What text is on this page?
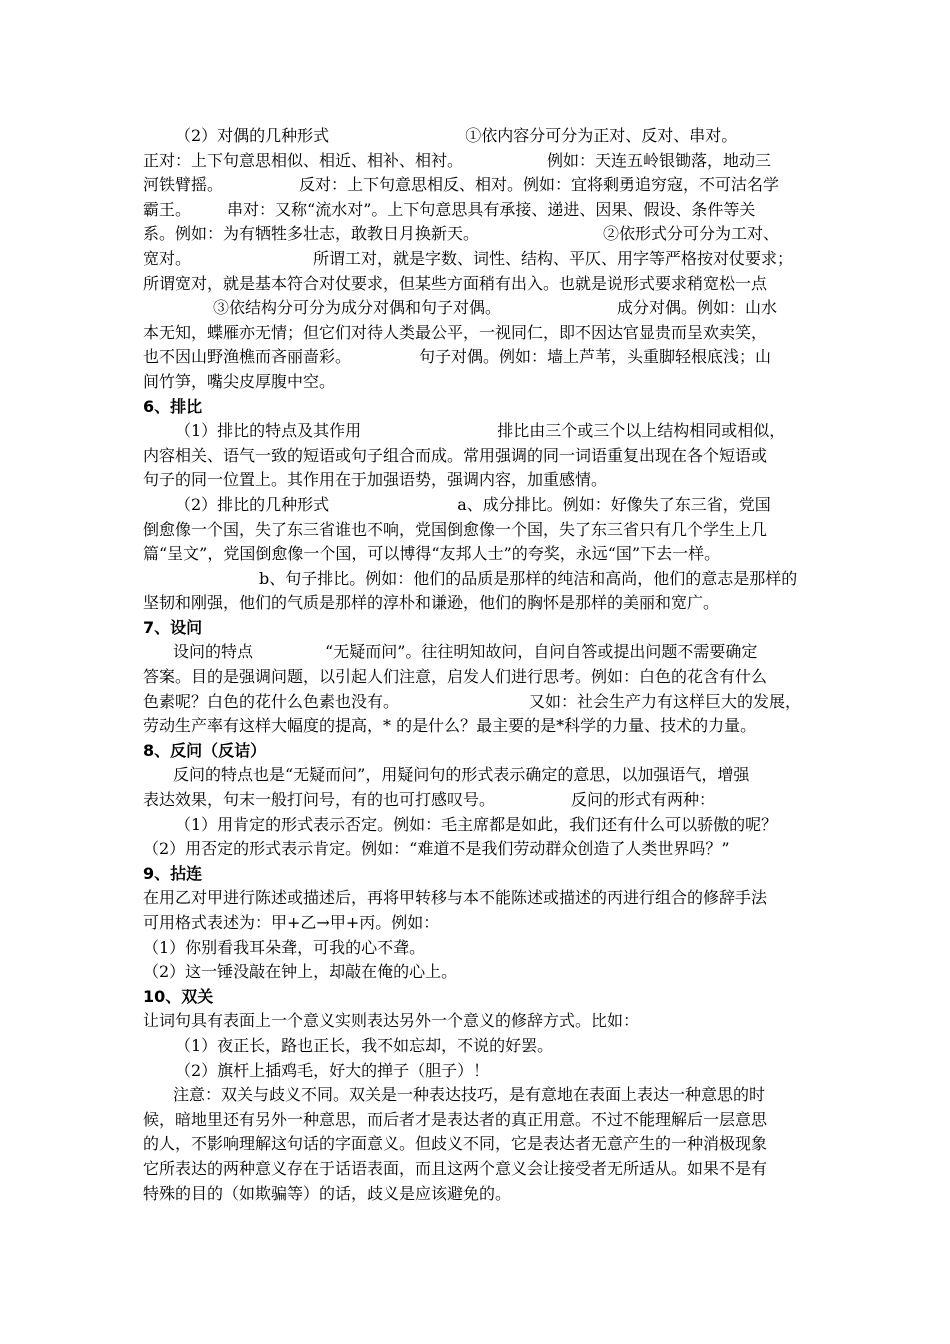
（2）对偶的几种形式	①依内容分可分为正对、反对、串对。

正对：上下句意思相似、相近、相补、相衬。	例如：天连五岭银锄落，地动三

河铁臂摇。	反对：上下句意思相反、相对。例如：宜将剩勇追穷寇，不可沽名学

霸王。 串对：又称“流水对”。上下句意思具有承接、递进、因果、假设、条件等关

系。例如：为有牺牲多壮志，敢教日月换新天。	②依形式分可分为工对、

宽对。	所谓工对，就是字数、词性、结构、平仄、用字等严格按对仗要求；

所谓宽对，就是基本符合对仗要求，但某些方面稍有出入。也就是说形式要求稍宽松一点

③依结构分可分为成分对偶和句子对偶。	成分对偶。例如：山水

本无知，蝶雁亦无情；但它们对待人类最公平，一视同仁，即不因达官显贵而呈欢卖笑，

也不因山野渔樵而吝丽啬彩。	句子对偶。例如：墙上芦苇，头重脚轻根底浅；山

间竹笋，嘴尖皮厚腹中空。

6、排比

（1）排比的特点及其作用	排比由三个或三个以上结构相同或相似，

内容相关、语气一致的短语或句子组合而成。常用强调的同一词语重复出现在各个短语或

句子的同一位置上。其作用在于加强语势，强调内容，加重感情。

（2）排比的几种形式	a、成分排比。例如：好像失了东三省，党国

倒愈像一个国，失了东三省谁也不响，党国倒愈像一个国，失了东三省只有几个学生上几

篇“呈文”，党国倒愈像一个国，可以博得“友邦人士”的夸奖，永远“国”下去一样。

b、句子排比。例如：他们的品质是那样的纯洁和高尚，他们的意志是那样的

坚韧和刚强，他们的气质是那样的淳朴和谦逊，他们的胸怀是那样的美丽和宽广。

7、设问

设问的特点	“无疑而问”。往往明知故问，自问自答或提出问题不需要确定

答案。目的是强调问题，以引起人们注意，启发人们进行思考。例如：白色的花含有什么

色素呢？白色的花什么色素也没有。	又如：社会生产力有这样巨大的发展，

劳动生产率有这样大幅度的提高，* 的是什么？最主要的是*科学的力量、技术的力量。

8、反问（反诘）

反问的特点也是“无疑而问”，用疑问句的形式表示确定的意思，以加强语气，增强

表达效果，句末一般打问号，有的也可打感叹号。	反问的形式有两种：

（1）用肯定的形式表示否定。例如：毛主席都是如此，我们还有什么可以骄傲的呢？

（2）用否定的形式表示肯定。例如：“难道不是我们劳动群众创造了人类世界吗？”

9、拈连

在用乙对甲进行陈述或描述后，再将甲转移与本不能陈述或描述的丙进行组合的修辞手法

可用格式表述为：甲+乙→甲+丙。例如：

（1）你别看我耳朵聋，可我的心不聋。

（2）这一锤没敲在钟上，却敲在俺的心上。

10、双关

让词句具有表面上一个意义实则表达另外一个意义的修辞方式。比如：

（1）夜正长，路也正长，我不如忘却，不说的好罢。

（2）旗杆上插鸡毛，好大的掸子（胆子）！

注意：双关与歧义不同。双关是一种表达技巧，是有意地在表面上表达一种意思的时

候，暗地里还有另外一种意思，而后者才是表达者的真正用意。不过不能理解后一层意思

的人，不影响理解这句话的字面意义。但歧义不同，它是表达者无意产生的一种消极现象

它所表达的两种意义存在于话语表面，而且这两个意义会让接受者无所适从。如果不是有

特殊的目的（如欺骗等）的话，歧义是应该避免的。
